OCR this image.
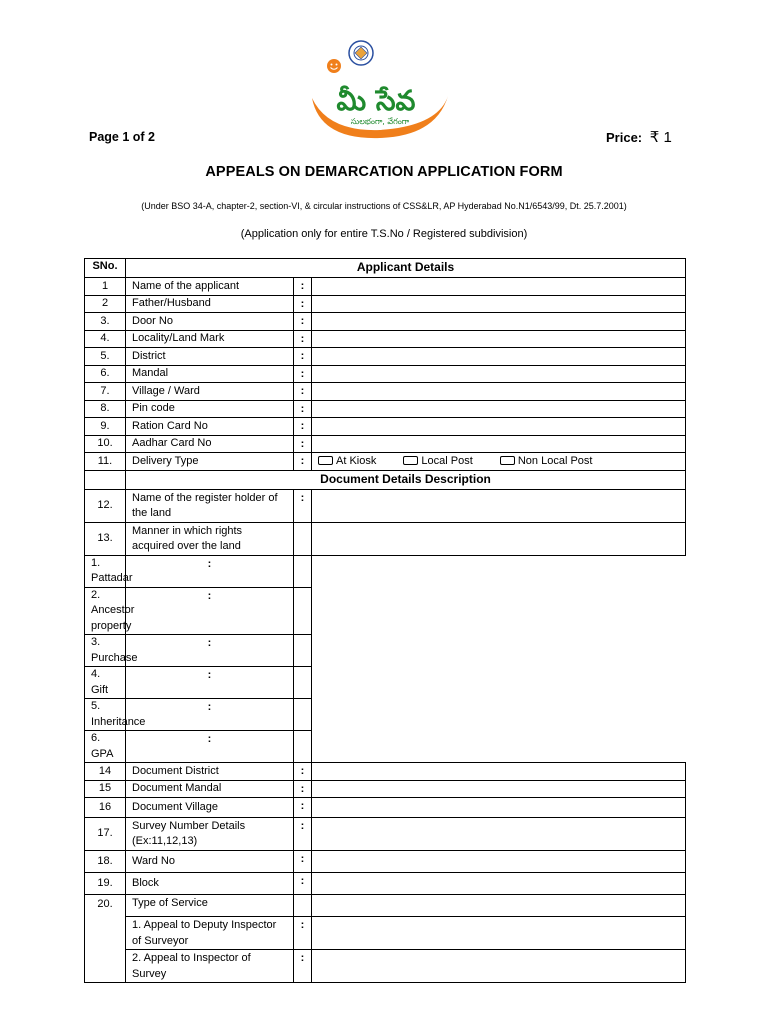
మీ సేవ
సులభంగా, వేగంగా
Page 1 of 2	Price: ₹ 1
APPEALS ON DEMARCATION APPLICATION FORM
(Under BSO 34-A, chapter-2, section-VI, & circular instructions of CSS&LR, AP Hyderabad No.N1/6543/99, Dt. 25.7.2001)
(Application only for entire T.S.No / Registered subdivision)
SNo.	Applicant Details		
1	Name of the applicant	:	
2	Father/Husband	:	
3.	Door No	:	
4.	Locality/Land Mark	:	
5.	District	:	
6.	Mandal	:	
7.	Village / Ward	:	
8.	Pin code	:	
9.	Ration Card No	:	
10.	Aadhar Card No	:	
11.	Delivery Type	:	At Kiosk Local Post Non Local Post
	Document Details Description		
12.	Name of the register holder of the land	:	
13.	Manner in which rights acquired over the land		
1. Pattadar	:		
2. Ancestor property	:		
3. Purchase	:		
4. Gift	:		
5. Inheritance	:		
6. GPA	:		
14	Document District	:	
15	Document Mandal	:	
16	Document Village	:	
17.	Survey Number Details (Ex:11,12,13)	:	
18.	Ward No	:	
19.	Block	:	
20.	Type of Service		
	1. Appeal to Deputy Inspector of Surveyor	:	
	2. Appeal to Inspector of Survey	:	
